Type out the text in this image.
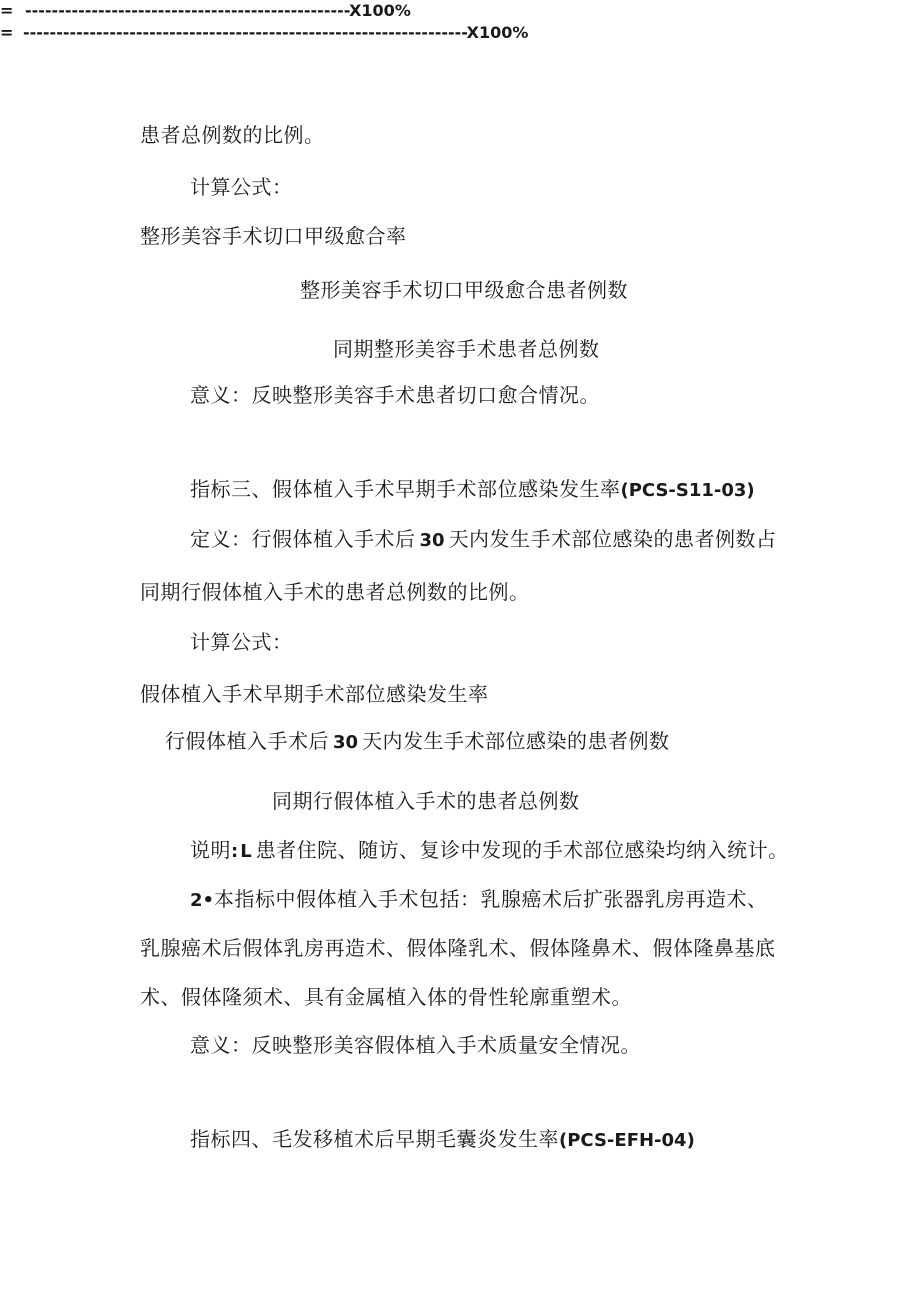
患者总例数的比例。
计算公式：
整形美容手术切口甲级愈合率
整形美容手术切口甲级愈合患者例数
= -------------------------------------------------X100%
同期整形美容手术患者总例数
意义：反映整形美容手术患者切口愈合情况。
指标三、假体植入手术早期手术部位感染发生率(PCS-S11-03)
定义：行假体植入手术后 30 天内发生手术部位感染的患者例数占
同期行假体植入手术的患者总例数的比例。
计算公式：
假体植入手术早期手术部位感染发生率
行假体植入手术后 30 天内发生手术部位感染的患者例数
= -------------------------------------------------------------------X100%
同期行假体植入手术的患者总例数
说明: L 患者住院、随访、复诊中发现的手术部位感染均纳入统计。
2•本指标中假体植入手术包括：乳腺癌术后扩张器乳房再造术、
乳腺癌术后假体乳房再造术、假体隆乳术、假体隆鼻术、假体隆鼻基底
术、假体隆须术、具有金属植入体的骨性轮廓重塑术。
意义：反映整形美容假体植入手术质量安全情况。
指标四、毛发移植术后早期毛囊炎发生率(PCS-EFH-04)
